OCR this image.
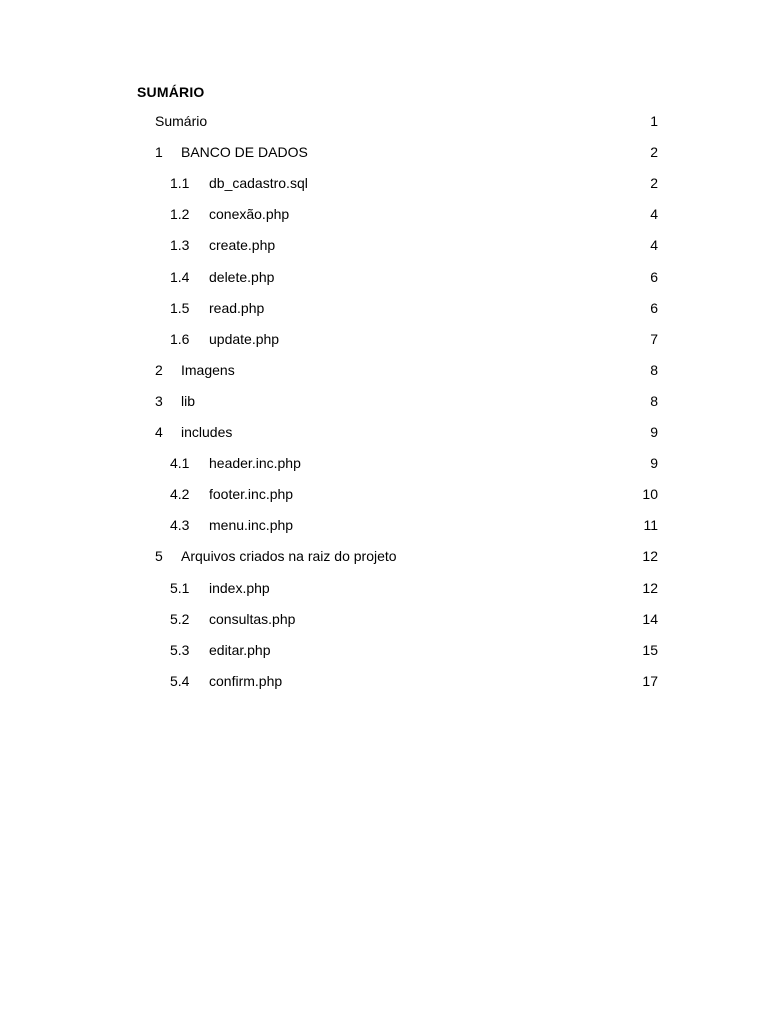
SUMÁRIO
Sumário	1
1	BANCO DE DADOS	2
1.1	db_cadastro.sql	2
1.2	conexão.php	4
1.3	create.php	4
1.4	delete.php	6
1.5	read.php	6
1.6	update.php	7
2	Imagens	8
3	lib	8
4	includes	9
4.1	header.inc.php	9
4.2	footer.inc.php	10
4.3	menu.inc.php	11
5	Arquivos criados na raiz do projeto	12
5.1	index.php	12
5.2	consultas.php	14
5.3	editar.php	15
5.4	confirm.php	17
